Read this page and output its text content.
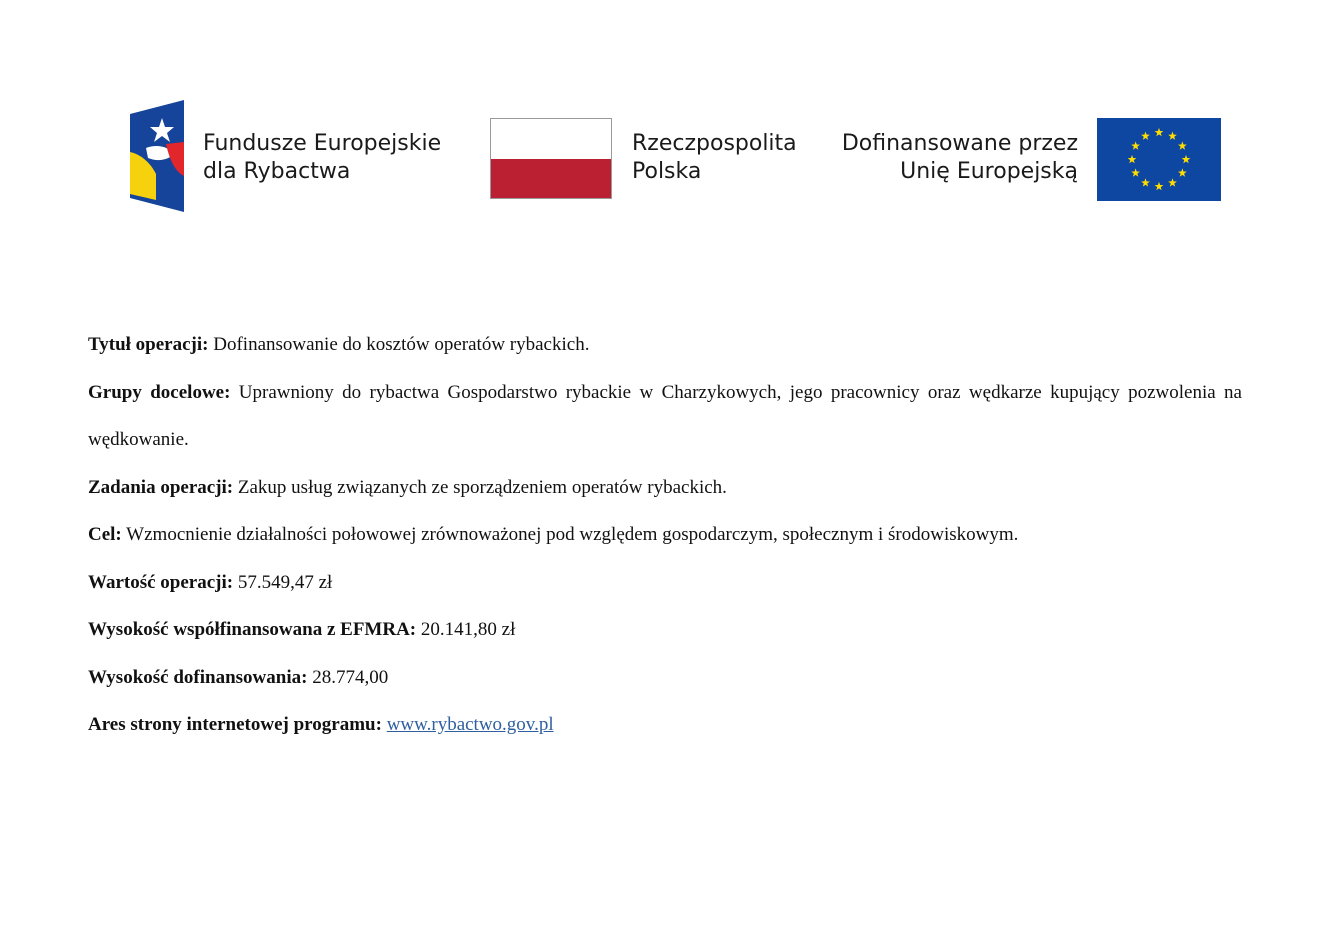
Fundusze Europejskie
dla Rybactwa
Rzeczpospolita
Polska
Dofinansowane przez
Unię Europejską

Tytuł operacji: Dofinansowanie do kosztów operatów rybackich.

Grupy docelowe: Uprawniony do rybactwa Gospodarstwo rybackie w Charzykowych, jego pracownicy oraz wędkarze kupujący pozwolenia na wędkowanie.

Zadania operacji: Zakup usług związanych ze sporządzeniem operatów rybackich.

Cel: Wzmocnienie działalności połowowej zrównoważonej pod względem gospodarczym, społecznym i środowiskowym.

Wartość operacji: 57.549,47 zł

Wysokość współfinansowana z EFMRA: 20.141,80 zł

Wysokość dofinansowania: 28.774,00

Ares strony internetowej programu: www.rybactwo.gov.pl
